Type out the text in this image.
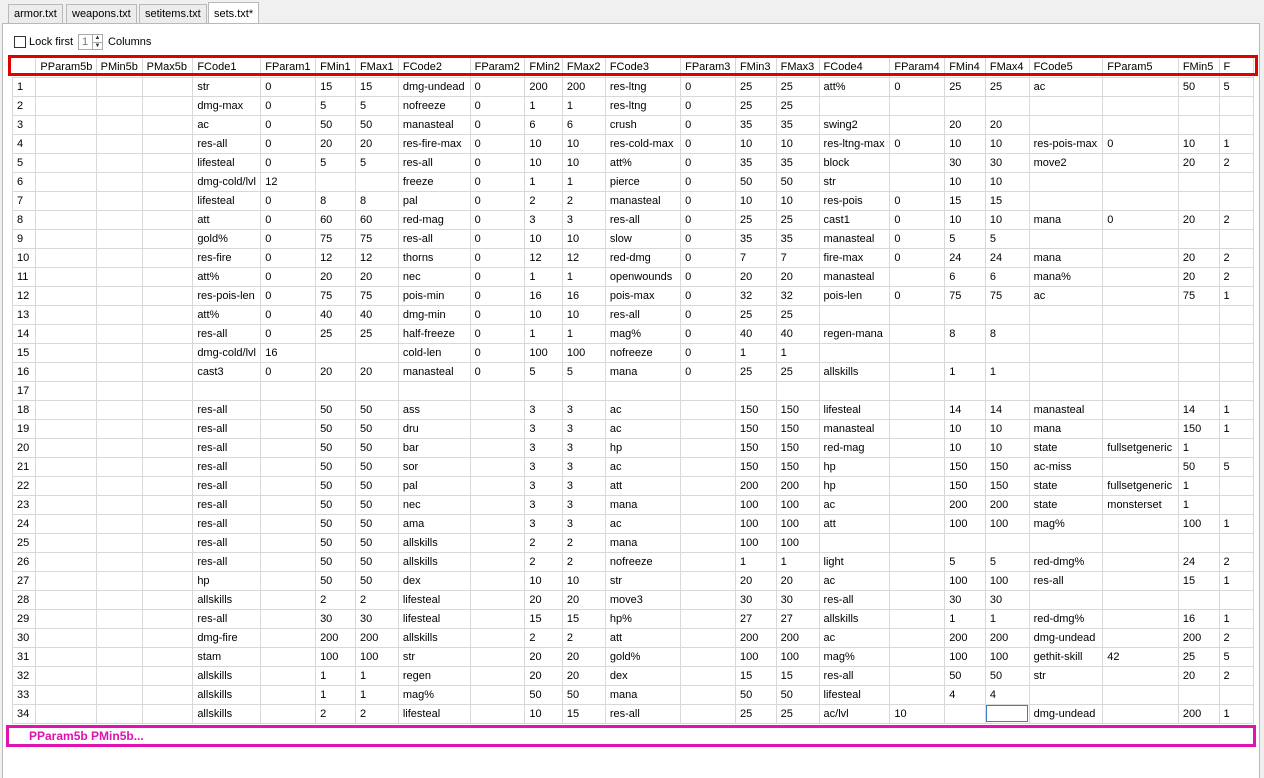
armor.txt	weapons.txt	setitems.txt	sets.txt*
Lock first 1	▲
▼ Columns
	PParam5b	PMin5b	PMax5b	FCode1	FParam1	FMin1	FMax1	FCode2	FParam2	FMin2	FMax2	FCode3	FParam3	FMin3	FMax3	FCode4	FParam4	FMin4	FMax4	FCode5	FParam5	FMin5	F
1				str	0	15	15	dmg-undead	0	200	200	res-ltng	0	25	25	att%	0	25	25	ac		50	5
2				dmg-max	0	5	5	nofreeze	0	1	1	res-ltng	0	25	25								
3				ac	0	50	50	manasteal	0	6	6	crush	0	35	35	swing2		20	20				
4				res-all	0	20	20	res-fire-max	0	10	10	res-cold-max	0	10	10	res-ltng-max	0	10	10	res-pois-max	0	10	1
5				lifesteal	0	5	5	res-all	0	10	10	att%	0	35	35	block		30	30	move2		20	2
6				dmg-cold/lvl	12			freeze	0	1	1	pierce	0	50	50	str		10	10				
7				lifesteal	0	8	8	pal	0	2	2	manasteal	0	10	10	res-pois	0	15	15				
8				att	0	60	60	red-mag	0	3	3	res-all	0	25	25	cast1	0	10	10	mana	0	20	2
9				gold%	0	75	75	res-all	0	10	10	slow	0	35	35	manasteal	0	5	5				
10				res-fire	0	12	12	thorns	0	12	12	red-dmg	0	7	7	fire-max	0	24	24	mana		20	2
11				att%	0	20	20	nec	0	1	1	openwounds	0	20	20	manasteal		6	6	mana%		20	2
12				res-pois-len	0	75	75	pois-min	0	16	16	pois-max	0	32	32	pois-len	0	75	75	ac		75	1
13				att%	0	40	40	dmg-min	0	10	10	res-all	0	25	25								
14				res-all	0	25	25	half-freeze	0	1	1	mag%	0	40	40	regen-mana		8	8				
15				dmg-cold/lvl	16			cold-len	0	100	100	nofreeze	0	1	1								
16				cast3	0	20	20	manasteal	0	5	5	mana	0	25	25	allskills		1	1				
17																							
18				res-all		50	50	ass		3	3	ac		150	150	lifesteal		14	14	manasteal		14	1
19				res-all		50	50	dru		3	3	ac		150	150	manasteal		10	10	mana		150	1
20				res-all		50	50	bar		3	3	hp		150	150	red-mag		10	10	state	fullsetgeneric	1	
21				res-all		50	50	sor		3	3	ac		150	150	hp		150	150	ac-miss		50	5
22				res-all		50	50	pal		3	3	att		200	200	hp		150	150	state	fullsetgeneric	1	
23				res-all		50	50	nec		3	3	mana		100	100	ac		200	200	state	monsterset	1	
24				res-all		50	50	ama		3	3	ac		100	100	att		100	100	mag%		100	1
25				res-all		50	50	allskills		2	2	mana		100	100								
26				res-all		50	50	allskills		2	2	nofreeze		1	1	light		5	5	red-dmg%		24	2
27				hp		50	50	dex		10	10	str		20	20	ac		100	100	res-all		15	1
28				allskills		2	2	lifesteal		20	20	move3		30	30	res-all		30	30				
29				res-all		30	30	lifesteal		15	15	hp%		27	27	allskills		1	1	red-dmg%		16	1
30				dmg-fire		200	200	allskills		2	2	att		200	200	ac		200	200	dmg-undead		200	2
31				stam		100	100	str		20	20	gold%		100	100	mag%		100	100	gethit-skill	42	25	5
32				allskills		1	1	regen		20	20	dex		15	15	res-all		50	50	str		20	2
33				allskills		1	1	mag%		50	50	mana		50	50	lifesteal		4	4				
34				allskills		2	2	lifesteal		10	15	res-all		25	25	ac/lvl	10			dmg-undead		200	1
PParam5b PMin5b...
